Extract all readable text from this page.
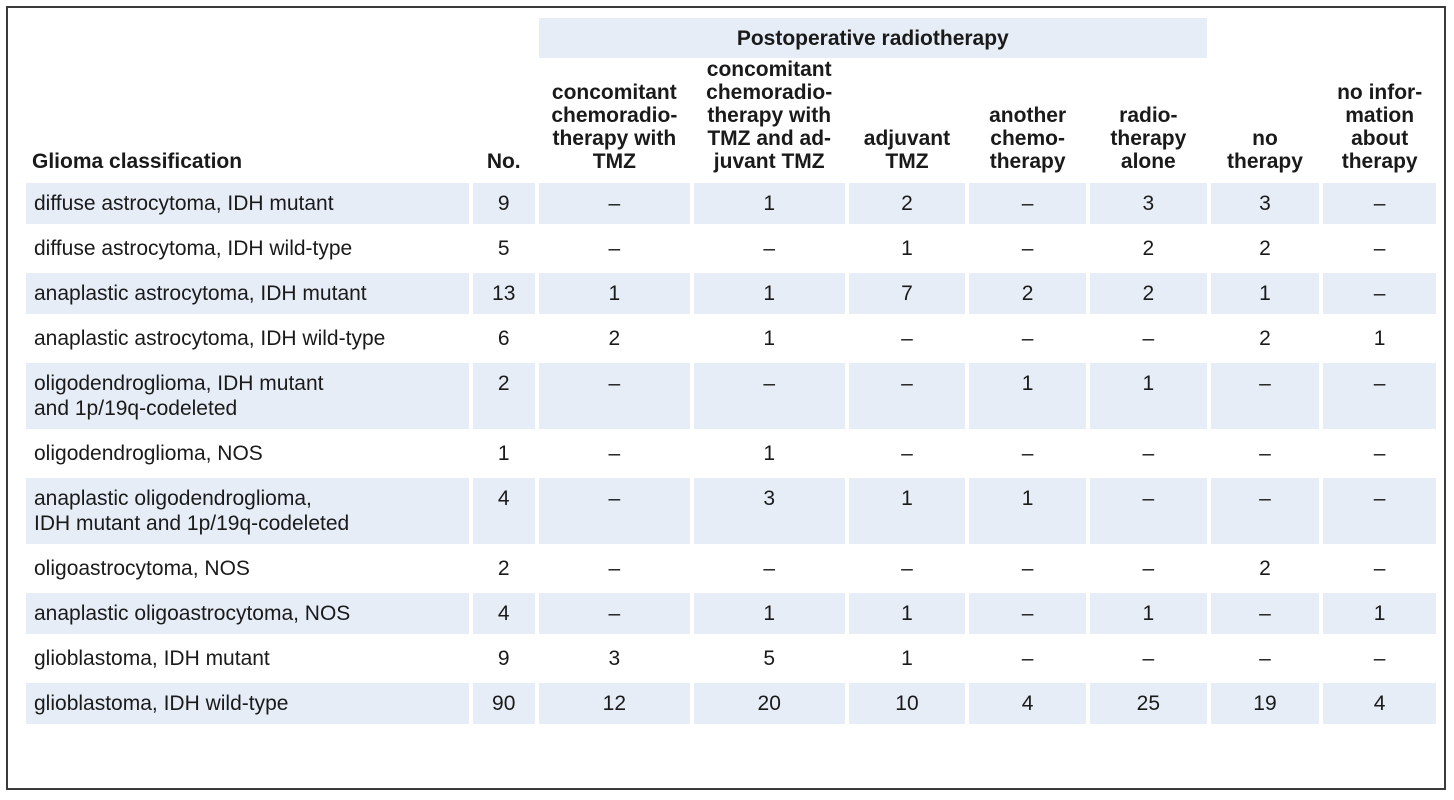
		Postoperative radiotherapy						
Glioma classification	No.	concomitant
chemoradio-
therapy with
TMZ	concomitant
chemoradio-
therapy with
TMZ and ad-
juvant TMZ	adjuvant
TMZ	another
chemo-
therapy	radio-
therapy
alone	no
therapy	no infor-
mation
about
therapy

diffuse astrocytoma, IDH mutant	9	–	1	2	–	3	3	–

diffuse astrocytoma, IDH wild-type	5	–	–	1	–	2	2	–

anaplastic astrocytoma, IDH mutant	13	1	1	7	2	2	1	–

anaplastic astrocytoma, IDH wild-type	6	2	1	–	–	–	2	1

oligodendroglioma, IDH mutant
and 1p/19q-codeleted	2	–	–	–	1	1	–	–

oligodendroglioma, NOS	1	–	1	–	–	–	–	–

anaplastic oligodendroglioma,
IDH mutant and 1p/19q-codeleted	4	–	3	1	1	–	–	–

oligoastrocytoma, NOS	2	–	–	–	–	–	2	–

anaplastic oligoastrocytoma, NOS	4	–	1	1	–	1	–	1

glioblastoma, IDH mutant	9	3	5	1	–	–	–	–

glioblastoma, IDH wild-type	90	12	20	10	4	25	19	4
